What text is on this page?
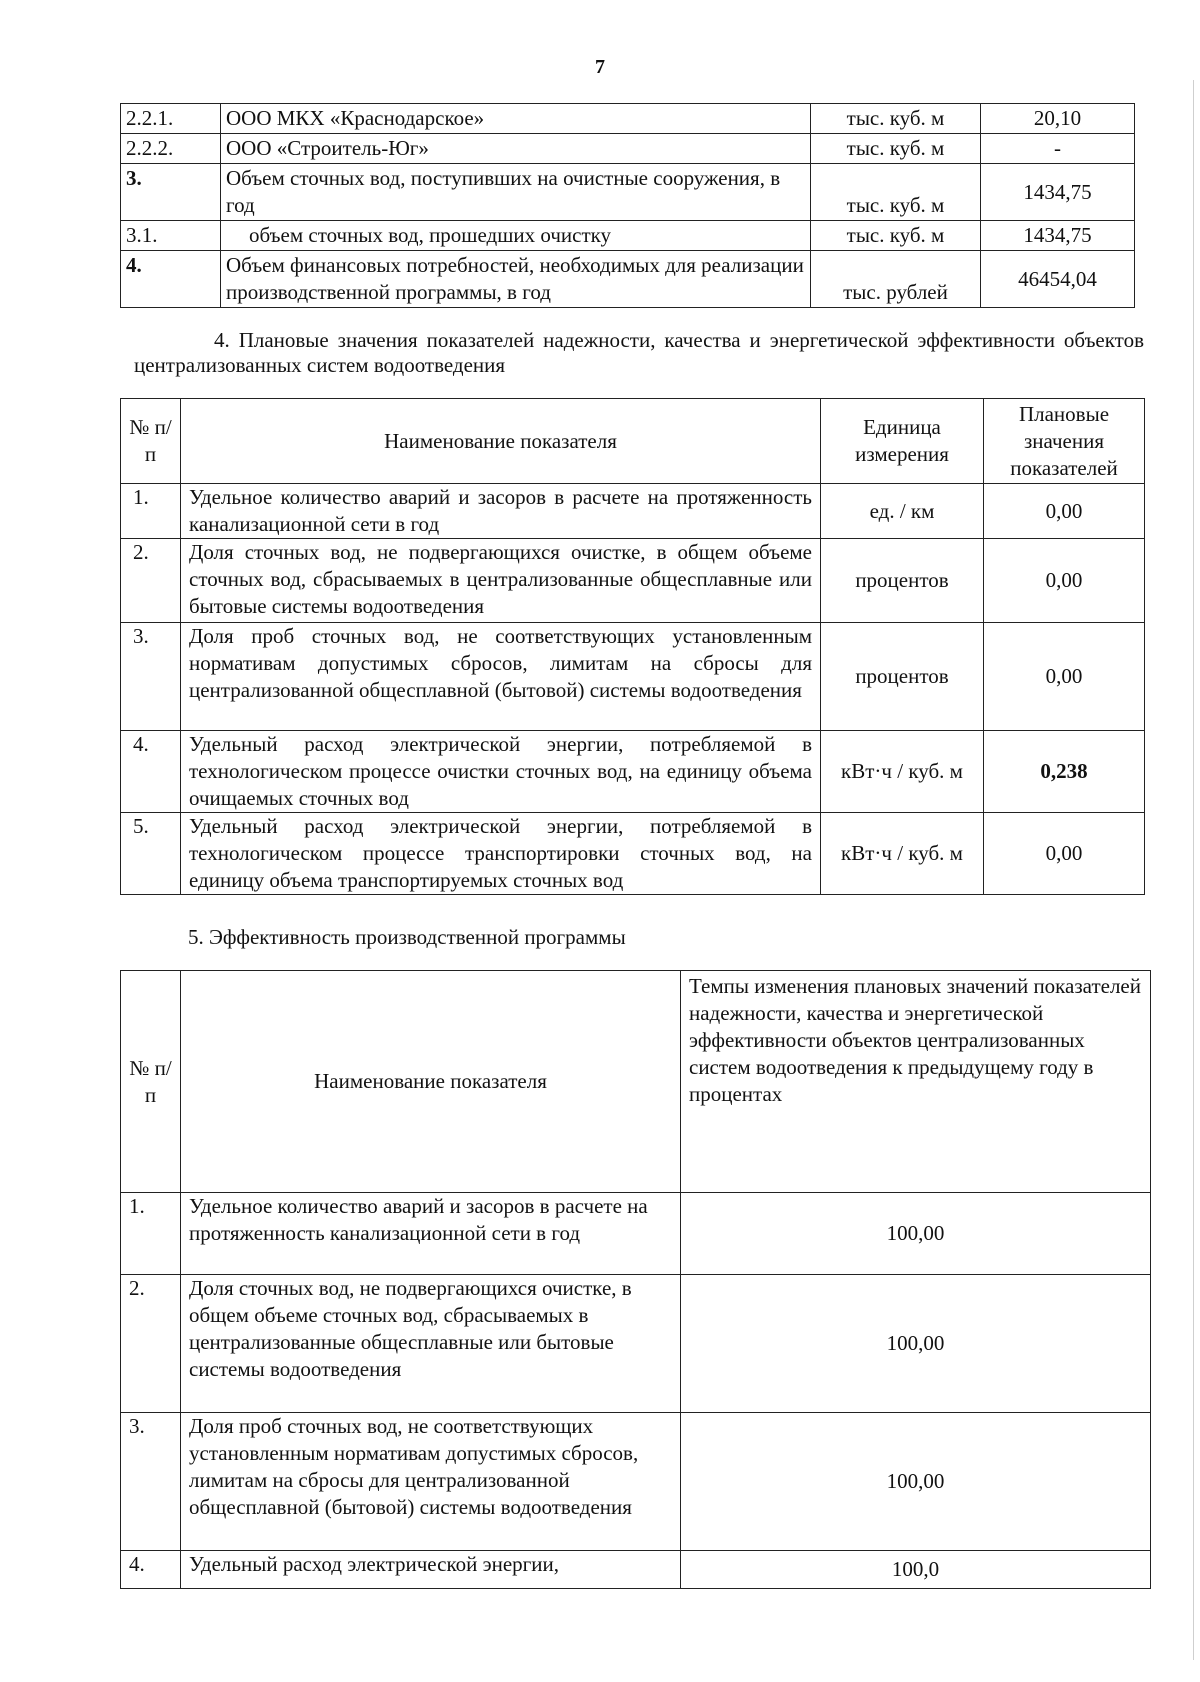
7
2.2.1.	ООО МКХ «Краснодарское»	тыс. куб. м	20,10
2.2.2.	ООО «Строитель-Юг»	тыс. куб. м	-
3.	Объем сточных вод, поступивших на очистные сооружения, в год	тыс. куб. м	1434,75
3.1.	объем сточных вод, прошедших очистку	тыс. куб. м	1434,75
4.	Объем финансовых потребностей, необходимых для реализации производственной программы, в год	тыс. рублей	46454,04
4. Плановые значения показателей надежности, качества и энергетической эффективности объектов централизованных систем водоотведения
№ п/п	Наименование показателя	Единица измерения	Плановые значения показателей
1.	Удельное количество аварий и засоров в расчете на протяженность канализационной сети в год	ед. / км	0,00
2.	Доля сточных вод, не подвергающихся очистке, в общем объеме сточных вод, сбрасываемых в централизованные общесплавные или бытовые системы водоотведения	процентов	0,00
3.	Доля проб сточных вод, не соответствующих установленным нормативам допустимых сбросов, лимитам на сбросы для централизованной общесплавной (бытовой) системы водоотведения	процентов	0,00
4.	Удельный расход электрической энергии, потребляемой в технологическом процессе очистки сточных вод, на единицу объема очищаемых сточных вод	кВт·ч / куб. м	0,238
5.	Удельный расход электрической энергии, потребляемой в технологическом процессе транспортировки сточных вод, на единицу объема транспортируемых сточных вод	кВт·ч / куб. м	0,00
5. Эффективность производственной программы
№ п/п	Наименование показателя	Темпы изменения плановых значений показателей надежности, качества и энергетической эффективности объектов централизованных систем водоотведения к предыдущему году в процентах
1.	Удельное количество аварий и засоров в расчете на протяженность канализационной сети в год	100,00
2.	Доля сточных вод, не подвергающихся очистке, в общем объеме сточных вод, сбрасываемых в централизованные общесплавные или бытовые системы водоотведения	100,00
3.	Доля проб сточных вод, не соответствующих установленным нормативам допустимых сбросов, лимитам на сбросы для централизованной общесплавной (бытовой) системы водоотведения	100,00
4.	Удельный расход электрической энергии,	100,0
